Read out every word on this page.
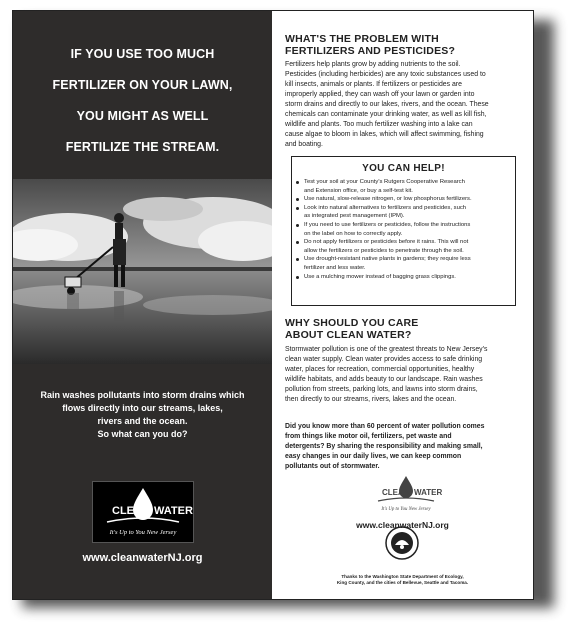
IF YOU USE TOO MUCH
FERTILIZER ON YOUR LAWN,
YOU MIGHT AS WELL
FERTILIZE THE STREAM.
Rain washes pollutants into storm drains which
flows directly into our streams, lakes,
rivers and the ocean.
So what can you do?
CLEAN WATER
It's Up to You New Jersey
www.cleanwaterNJ.org
WHAT'S THE PROBLEM WITH
FERTILIZERS AND PESTICIDES?
Fertilizers help plants grow by adding nutrients to the soil.
Pesticides (including herbicides) are any toxic substances used to
kill insects, animals or plants. If fertilizers or pesticides are
improperly applied, they can wash off your lawn or garden into
storm drains and directly to our lakes, rivers, and the ocean. These
chemicals can contaminate your drinking water, as well as kill fish,
wildlife and plants. Too much fertilizer washing into a lake can
cause algae to bloom in lakes, which will affect swimming, fishing
and boating.
YOU CAN HELP!
Test your soil at your County's Rutgers Cooperative Research
and Extension office, or buy a self-test kit.
Use natural, slow-release nitrogen, or low phosphorus fertilizers.
Look into natural alternatives to fertilizers and pesticides, such
as integrated pest management (IPM).
If you need to use fertilizers or pesticides, follow the instructions
on the label on how to correctly apply.
Do not apply fertilizers or pesticides before it rains. This will not
allow the fertilizers or pesticides to penetrate through the soil.
Use drought-resistant native plants in gardens; they require less
fertilizer and less water.
Use a mulching mower instead of bagging grass clippings.
WHY SHOULD YOU CARE
ABOUT CLEAN WATER?
Stormwater pollution is one of the greatest threats to New Jersey's
clean water supply. Clean water provides access to safe drinking
water, places for recreation, commercial opportunities, healthy
wildlife habitats, and adds beauty to our landscape. Rain washes
pollution from streets, parking lots, and lawns into storm drains,
then directly to our streams, rivers, lakes and the ocean.
Did you know more than 60 percent of water pollution comes
from things like motor oil, fertilizers, pet waste and
detergents? By sharing the responsibility and making small,
easy changes in our daily lives, we can keep common
pollutants out of stormwater.
CLEAN WATER
It's Up to You New Jersey
www.cleanwaterNJ.org
Thanks to the Washington State Department of Ecology,
King County, and the cities of Bellevue, Seattle and Tacoma.
